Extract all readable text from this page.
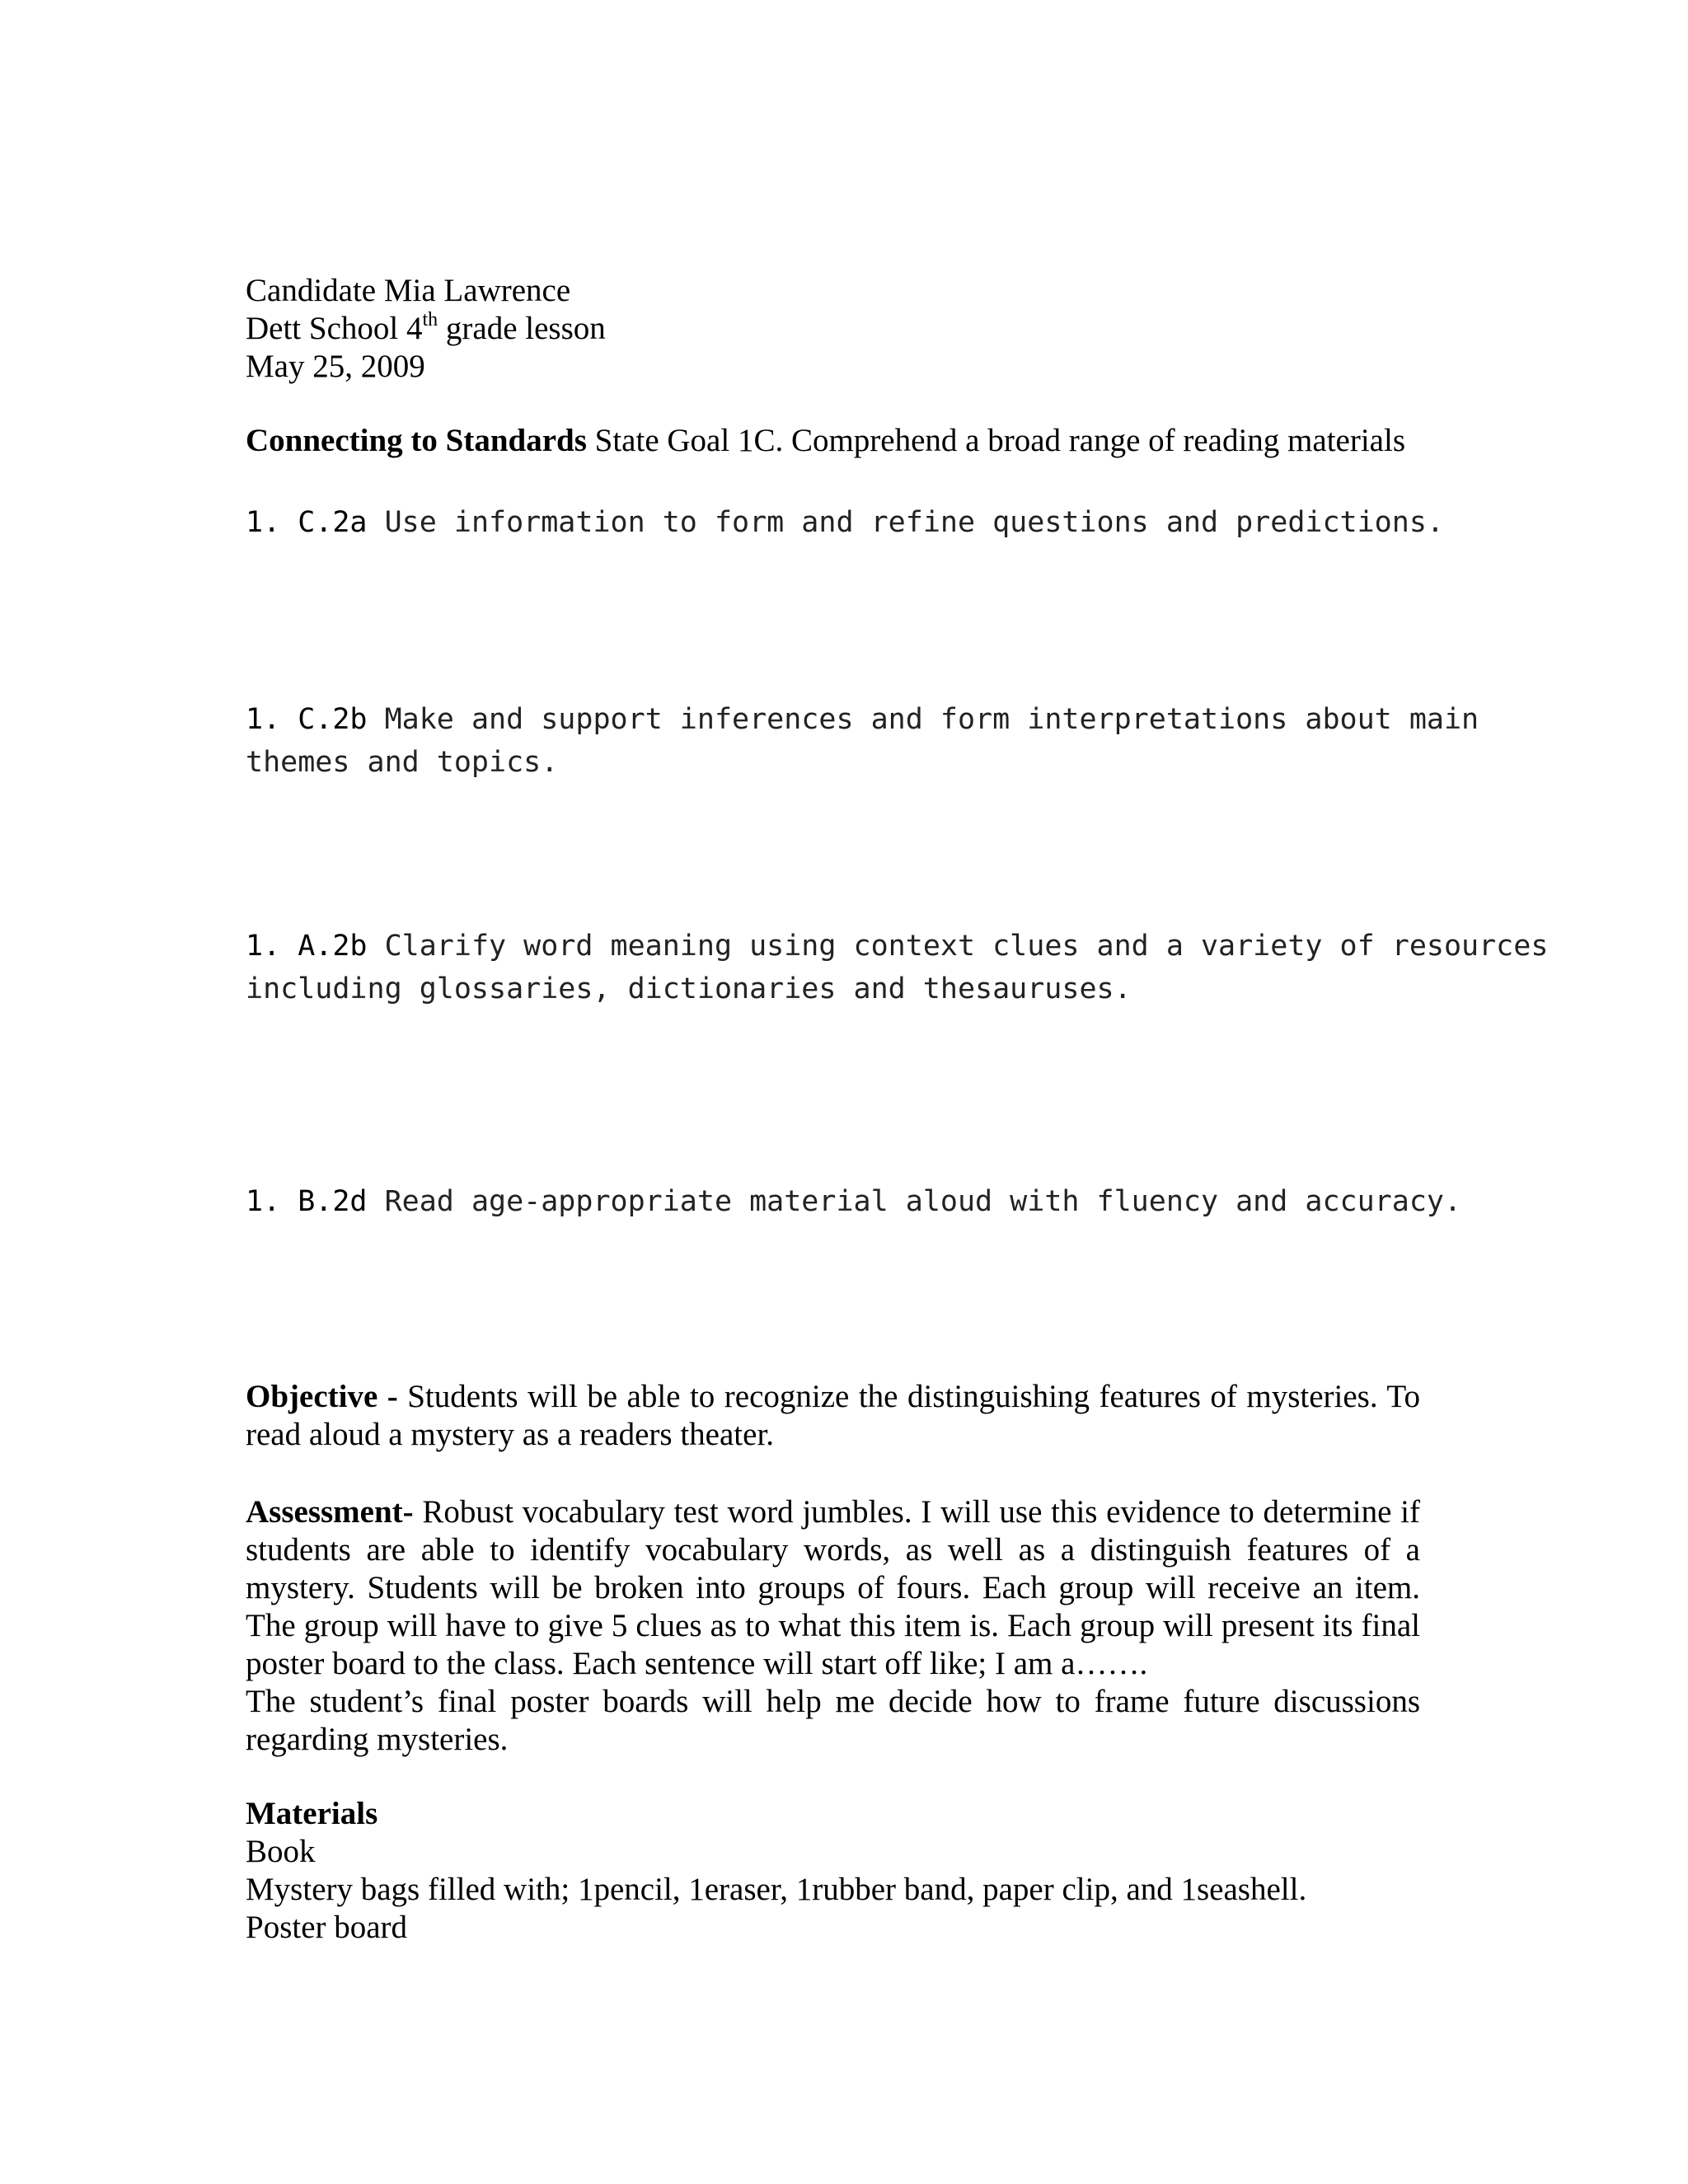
Candidate Mia Lawrence
Dett School 4th grade lesson
May 25, 2009
Connecting to Standards State Goal 1C. Comprehend a broad range of reading materials
1. C.2a Use information to form and refine questions and predictions.
1. C.2b Make and support inferences and form interpretations about main themes and topics.
1. A.2b Clarify word meaning using context clues and a variety of resources including glossaries, dictionaries and thesauruses.
1. B.2d Read age-appropriate material aloud with fluency and accuracy.
Objective - Students will be able to recognize the distinguishing features of mysteries. To read aloud a mystery as a readers theater.
Assessment- Robust vocabulary test word jumbles. I will use this evidence to determine if students are able to identify vocabulary words, as well as a distinguish features of a mystery. Students will be broken into groups of fours. Each group will receive an item. The group will have to give 5 clues as to what this item is. Each group will present its final poster board to the class. Each sentence will start off like; I am a…….
The student’s final poster boards will help me decide how to frame future discussions regarding mysteries.
Materials
Book
Mystery bags filled with; 1pencil, 1eraser, 1rubber band, paper clip, and 1seashell.
Poster board
